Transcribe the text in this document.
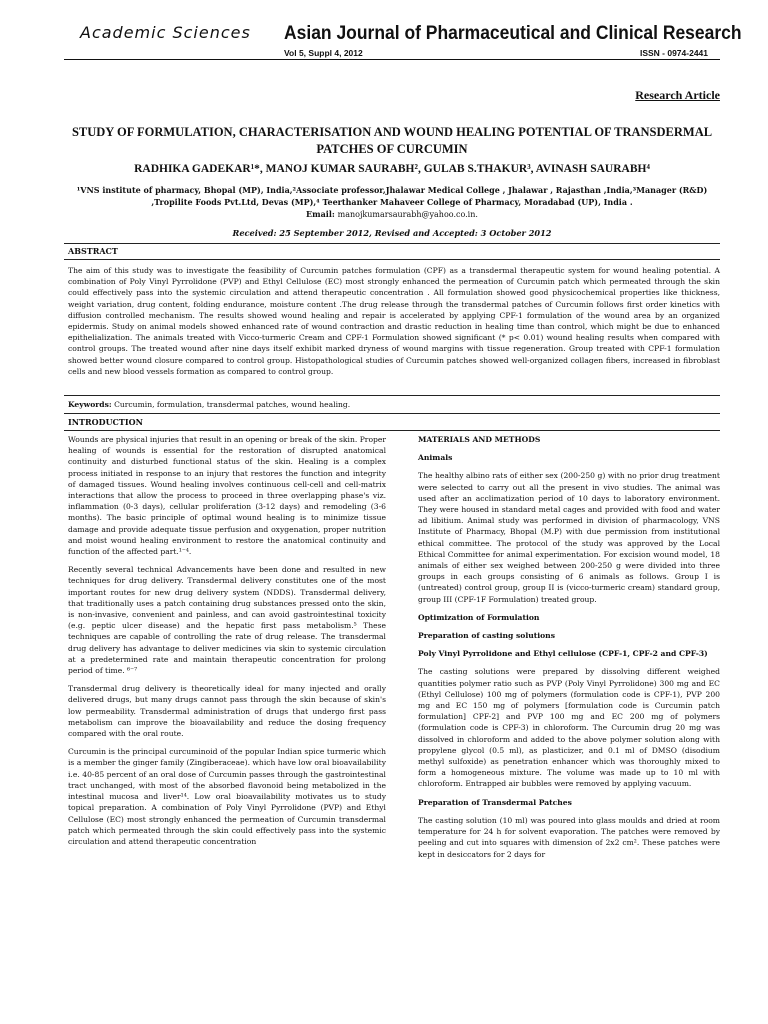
Academic Sciences Asian Journal of Pharmaceutical and Clinical Research
Vol 5, Suppl 4, 2012	ISSN - 0974-2441
Research Article
STUDY OF FORMULATION, CHARACTERISATION AND WOUND HEALING POTENTIAL OF TRANSDERMAL PATCHES OF CURCUMIN
RADHIKA GADEKAR¹*, MANOJ KUMAR SAURABH², GULAB S.THAKUR³, AVINASH SAURABH⁴
¹VNS institute of pharmacy, Bhopal (MP), India,²Associate professor,Jhalawar Medical College , Jhalawar , Rajasthan ,India,³Manager (R&D) ,Tropilite Foods Pvt.Ltd, Devas (MP),⁴ Teerthanker Mahaveer College of Pharmacy, Moradabad (UP), India .
Email: manojkumarsaurabh@yahoo.co.in.
Received: 25 September 2012, Revised and Accepted: 3 October 2012
ABSTRACT
The aim of this study was to investigate the feasibility of Curcumin patches formulation (CPF) as a transdermal therapeutic system for wound healing potential. A combination of Poly Vinyl Pyrrolidone (PVP) and Ethyl Cellulose (EC) most strongly enhanced the permeation of Curcumin patch which permeated through the skin could effectively pass into the systemic circulation and attend therapeutic concentration . All formulation showed good physicochemical properties like thickness, weight variation, drug content, folding endurance, moisture content .The drug release through the transdermal patches of Curcumin follows first order kinetics with diffusion controlled mechanism. The results showed wound healing and repair is accelerated by applying CPF-1 formulation of the wound area by an organized epidermis. Study on animal models showed enhanced rate of wound contraction and drastic reduction in healing time than control, which might be due to enhanced epithelialization. The animals treated with Vicco-turmeric Cream and CPF-1 Formulation showed significant (* p< 0.01) wound healing results when compared with control groups. The treated wound after nine days itself exhibit marked dryness of wound margins with tissue regeneration. Group treated with CPF-1 formulation showed better wound closure compared to control group. Histopathological studies of Curcumin patches showed well-organized collagen fibers, increased in fibroblast cells and new blood vessels formation as compared to control group.
Keywords: Curcumin, formulation, transdermal patches, wound healing.
INTRODUCTION

Wounds are physical injuries that result in an opening or break of the skin. Proper healing of wounds is essential for the restoration of disrupted anatomical continuity and disturbed functional status of the skin. Healing is a complex process initiated in response to an injury that restores the function and integrity of damaged tissues. Wound healing involves continuous cell-cell and cell-matrix interactions that allow the process to proceed in three overlapping phase's viz. inflammation (0-3 days), cellular proliferation (3-12 days) and remodeling (3-6 months). The basic principle of optimal wound healing is to minimize tissue damage and provide adequate tissue perfusion and oxygenation, proper nutrition and moist wound healing environment to restore the anatomical continuity and function of the affected part.¹⁻⁴.

Recently several technical Advancements have been done and resulted in new techniques for drug delivery. Transdermal delivery constitutes one of the most important routes for new drug delivery system (NDDS). Transdermal delivery, that traditionally uses a patch containing drug substances pressed onto the skin, is non-invasive, convenient and painless, and can avoid gastrointestinal toxicity (e.g. peptic ulcer disease) and the hepatic first pass metabolism.⁵ These techniques are capable of controlling the rate of drug release. The transdermal drug delivery has advantage to deliver medicines via skin to systemic circulation at a predetermined rate and maintain therapeutic concentration for prolong period of time. ⁶⁻⁷

Transdermal drug delivery is theoretically ideal for many injected and orally delivered drugs, but many drugs cannot pass through the skin because of skin's low permeability. Transdermal administration of drugs that undergo first pass metabolism can improve the bioavailability and reduce the dosing frequency compared with the oral route.

Curcumin is the principal curcuminoid of the popular Indian spice turmeric which is a member the ginger family (Zingiberaceae). which have low oral bioavailability i.e. 40-85 percent of an oral dose of Curcumin passes through the gastrointestinal tract unchanged, with most of the absorbed flavonoid being metabolized in the intestinal mucosa and liver¹⁴. Low oral bioavailability motivates us to study topical preparation. A combination of Poly Vinyl Pyrrolidone (PVP) and Ethyl Cellulose (EC) most strongly enhanced the permeation of Curcumin transdermal patch which permeated through the skin could effectively pass into the systemic circulation and attend therapeutic concentration

MATERIALS AND METHODS

Animals

The healthy albino rats of either sex (200-250 g) with no prior drug treatment were selected to carry out all the present in vivo studies. The animal was used after an acclimatization period of 10 days to laboratory environment. They were housed in standard metal cages and provided with food and water ad libitium. Animal study was performed in division of pharmacology, VNS Institute of Pharmacy, Bhopal (M.P) with due permission from institutional ethical committee. The protocol of the study was approved by the Local Ethical Committee for animal experimentation. For excision wound model, 18 animals of either sex weighed between 200-250 g were divided into three groups in each groups consisting of 6 animals as follows. Group I is (untreated) control group, group II is (vicco-turmeric cream) standard group, group III (CPF-1F Formulation) treated group.

Optimization of Formulation

Preparation of casting solutions

Poly Vinyl Pyrrolidone and Ethyl cellulose (CPF-1, CPF-2 and CPF-3)

The casting solutions were prepared by dissolving different weighed quantities polymer ratio such as PVP (Poly Vinyl Pyrrolidone) 300 mg and EC (Ethyl Cellulose) 100 mg of polymers (formulation code is CPF-1), PVP 200 mg and EC 150 mg of polymers [formulation code is Curcumin patch formulation] CPF-2] and PVP 100 mg and EC 200 mg of polymers (formulation code is CPF-3) in chloroform. The Curcumin drug 20 mg was dissolved in chloroform and added to the above polymer solution along with propylene glycol (0.5 ml), as plasticizer, and 0.1 ml of DMSO (disodium methyl sulfoxide) as penetration enhancer which was thoroughly mixed to form a homogeneous mixture. The volume was made up to 10 ml with chloroform. Entrapped air bubbles were removed by applying vacuum.

Preparation of Transdermal Patches

The casting solution (10 ml) was poured into glass moulds and dried at room temperature for 24 h for solvent evaporation. The patches were removed by peeling and cut into squares with dimension of 2x2 cm². These patches were kept in desiccators for 2 days for
